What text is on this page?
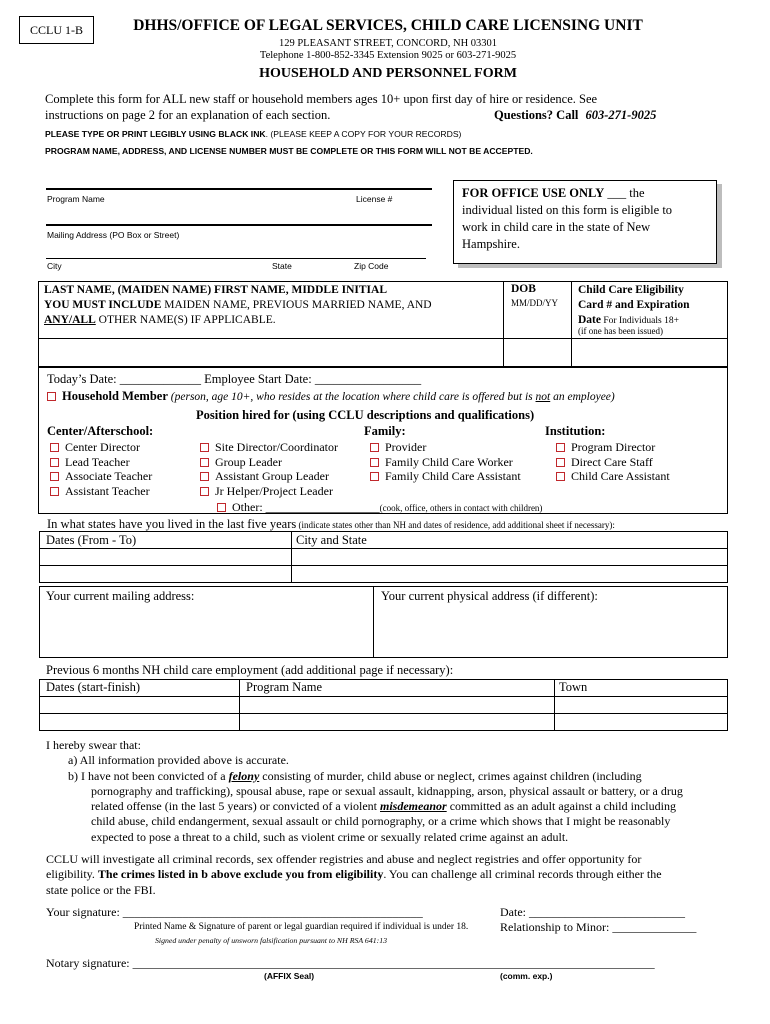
CCLU 1-B	DHHS/OFFICE OF LEGAL SERVICES, CHILD CARE LICENSING UNIT
129 PLEASANT STREET, CONCORD, NH 03301
Telephone 1-800-852-3345 Extension 9025 or 603-271-9025
HOUSEHOLD AND PERSONNEL FORM
Complete this form for ALL new staff or household members ages 10+ upon first day of hire or residence. See
instructions on page 2 for an explanation of each section.	Questions? Call 603-271-9025
PLEASE TYPE OR PRINT LEGIBLY USING BLACK INK. (PLEASE KEEP A COPY FOR YOUR RECORDS)
PROGRAM NAME, ADDRESS, AND LICENSE NUMBER MUST BE COMPLETE OR THIS FORM WILL NOT BE ACCEPTED.
Program Name	License #
Mailing Address (PO Box or Street)
City	State	Zip Code
FOR OFFICE USE ONLY ___ the
individual listed on this form is eligible to
work in child care in the state of New
Hampshire.
LAST NAME, (MAIDEN NAME) FIRST NAME, MIDDLE INITIAL
YOU MUST INCLUDE MAIDEN NAME, PREVIOUS MARRIED NAME, AND
ANY/ALL OTHER NAME(S) IF APPLICABLE.
DOB
MM/DD/YY
Child Care Eligibility
Card # and Expiration
Date For Individuals 18+
(if one has been issued)
Today’s Date: _____________ Employee Start Date: _________________
Household Member (person, age 10+, who resides at the location where child care is offered but is not an employee)
Position hired for (using CCLU descriptions and qualifications)
Center/Afterschool:	Family:	Institution:
Center Director
Lead Teacher
Associate Teacher
Assistant Teacher
Site Director/Coordinator
Group Leader
Assistant Group Leader
Jr Helper/Project Leader
Provider
Family Child Care Worker
Family Child Care Assistant
Program Director
Direct Care Staff
Child Care Assistant
Other: ___________________(cook, office, others in contact with children)
In what states have you lived in the last five years (indicate states other than NH and dates of residence, add additional sheet if necessary):
Dates (From - To)	City and State
Your current mailing address:	Your current physical address (if different):
Previous 6 months NH child care employment (add additional page if necessary):
Dates (start-finish)	Program Name	Town
I hereby swear that:
a) All information provided above is accurate.
b) I have not been convicted of a felony consisting of murder, child abuse or neglect, crimes against children (including
pornography and trafficking), spousal abuse, rape or sexual assault, kidnapping, arson, physical assault or battery, or a drug
related offense (in the last 5 years) or convicted of a violent misdemeanor committed as an adult against a child including
child abuse, child endangerment, sexual assault or child pornography, or a crime which shows that I might be reasonably
expected to pose a threat to a child, such as violent crime or sexually related crime against an adult.
CCLU will investigate all criminal records, sex offender registries and abuse and neglect registries and offer opportunity for
eligibility. The crimes listed in b above exclude you from eligibility. You can challenge all criminal records through either the
state police or the FBI.
Your signature: __________________________________________________	Date: __________________________
Printed Name & Signature of parent or legal guardian required if individual is under 18.	Relationship to Minor: ______________
Signed under penalty of unsworn falsification pursuant to NH RSA 641:13
Notary signature: _______________________________________________________________________________________
(AFFIX Seal)	(comm. exp.)
